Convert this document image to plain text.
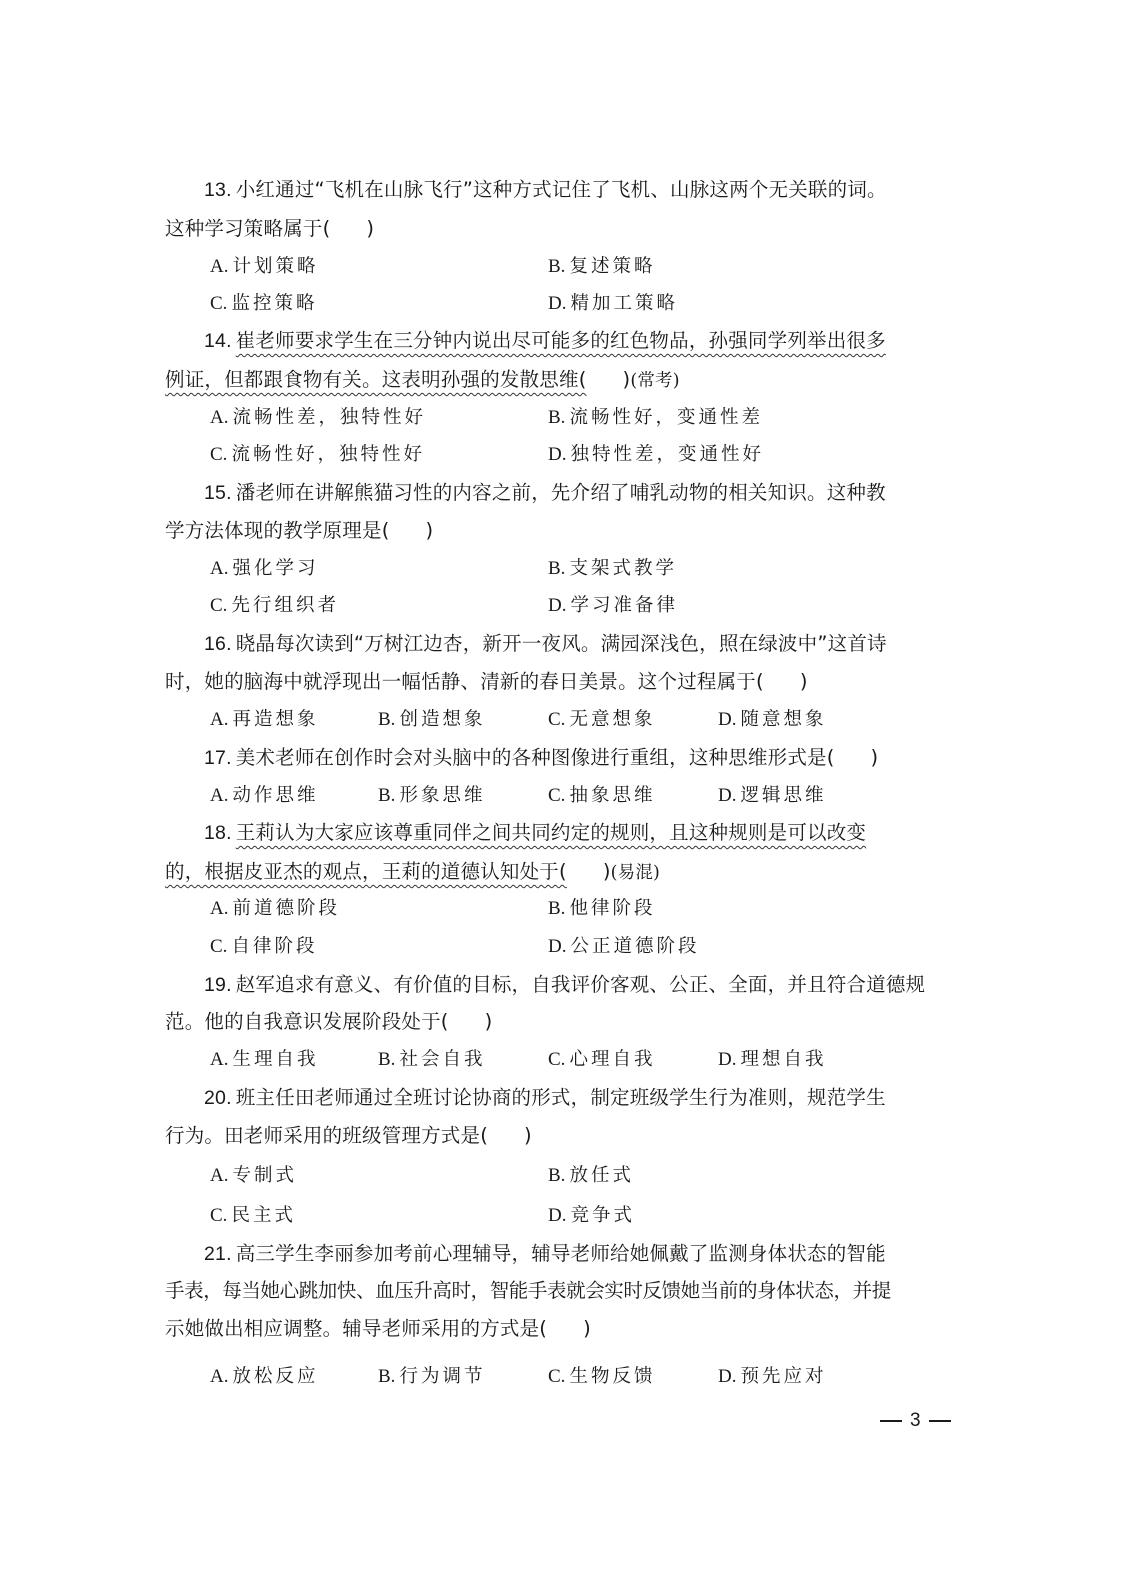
13. 小红通过“飞机在山脉飞行”这种方式记住了飞机、山脉这两个无关联的词。
这种学习策略属于( )
A. 计划策略	B. 复述策略
C. 监控策略	D. 精加工策略
14. 崔老师要求学生在三分钟内说出尽可能多的红色物品，孙强同学列举出很多
例证，但都跟食物有关。这表明孙强的发散思维( )(常考)
A. 流畅性差，独特性好	B. 流畅性好，变通性差
C. 流畅性好，独特性好	D. 独特性差，变通性好
15. 潘老师在讲解熊猫习性的内容之前，先介绍了哺乳动物的相关知识。这种教
学方法体现的教学原理是( )
A. 强化学习	B. 支架式教学
C. 先行组织者	D. 学习准备律
16. 晓晶每次读到“万树江边杏，新开一夜风。满园深浅色，照在绿波中”这首诗
时，她的脑海中就浮现出一幅恬静、清新的春日美景。这个过程属于( )
A. 再造想象	B. 创造想象	C. 无意想象	D. 随意想象
17. 美术老师在创作时会对头脑中的各种图像进行重组，这种思维形式是( )
A. 动作思维	B. 形象思维	C. 抽象思维	D. 逻辑思维
18. 王莉认为大家应该尊重同伴之间共同约定的规则，且这种规则是可以改变
的，根据皮亚杰的观点，王莉的道德认知处于( )(易混)
A. 前道德阶段	B. 他律阶段
C. 自律阶段	D. 公正道德阶段
19. 赵军追求有意义、有价值的目标，自我评价客观、公正、全面，并且符合道德规
范。他的自我意识发展阶段处于( )
A. 生理自我	B. 社会自我	C. 心理自我	D. 理想自我
20. 班主任田老师通过全班讨论协商的形式，制定班级学生行为准则，规范学生
行为。田老师采用的班级管理方式是( )
A. 专制式	B. 放任式
C. 民主式	D. 竞争式
21. 高三学生李丽参加考前心理辅导，辅导老师给她佩戴了监测身体状态的智能
手表，每当她心跳加快、血压升高时，智能手表就会实时反馈她当前的身体状态，并提
示她做出相应调整。辅导老师采用的方式是( )
A. 放松反应	B. 行为调节	C. 生物反馈	D. 预先应对
3
